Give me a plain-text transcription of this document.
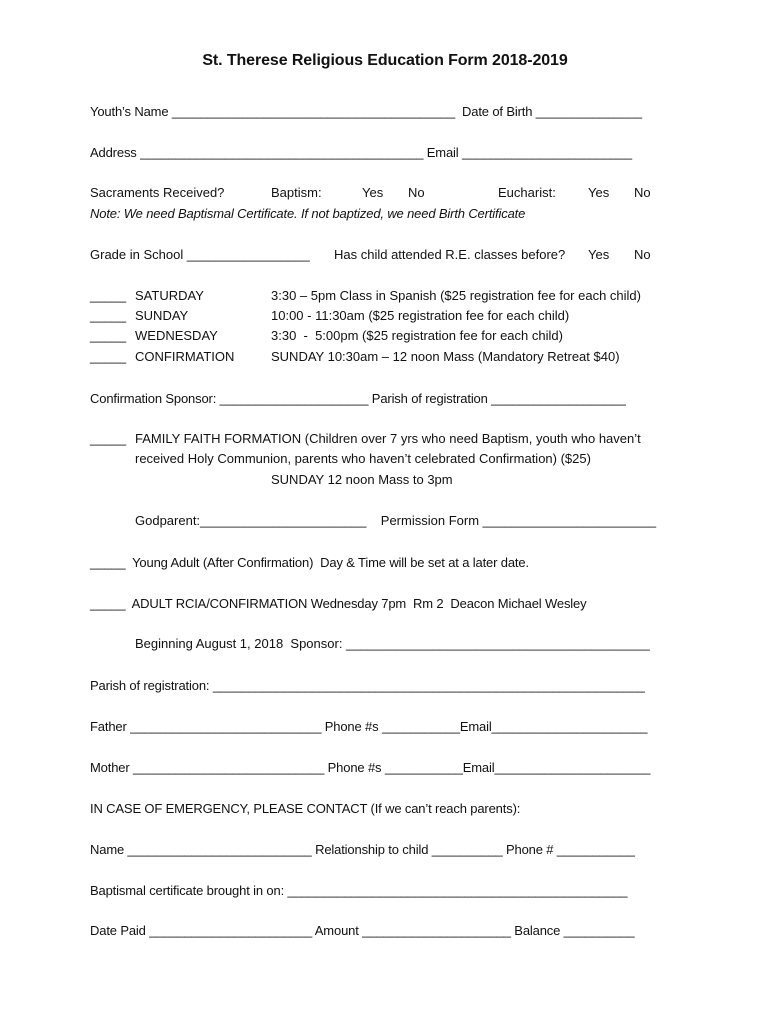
St. Therese Religious Education Form 2018-2019
Youth’s Name ________________________________________  Date of Birth _______________
Address ________________________________________ Email ________________________
Sacraments Received?	Baptism:	Yes No	Eucharist: Yes No
Note: We need Baptismal Certificate. If not baptized, we need Birth Certificate
Grade in School _________________ Has child attended R.E. classes before? Yes No
_____ SATURDAY	3:30 – 5pm Class in Spanish ($25 registration fee for each child)
_____ SUNDAY	10:00 - 11:30am ($25 registration fee for each child)
_____ WEDNESDAY	3:30  -  5:00pm ($25 registration fee for each child)
_____ CONFIRMATION	SUNDAY 10:30am – 12 noon Mass (Mandatory Retreat $40)
Confirmation Sponsor: _____________________ Parish of registration ___________________
_____ FAMILY FAITH FORMATION (Children over 7 yrs who need Baptism, youth who haven’t
received Holy Communion, parents who haven’t celebrated Confirmation) ($25)
SUNDAY 12 noon Mass to 3pm
Godparent:_______________________    Permission Form ________________________
_____  Young Adult (After Confirmation)  Day & Time will be set at a later date.
_____  ADULT RCIA/CONFIRMATION Wednesday 7pm  Rm 2  Deacon Michael Wesley
Beginning August 1, 2018  Sponsor: __________________________________________
Parish of registration: _____________________________________________________________
Father ___________________________ Phone #s ___________Email______________________
Mother ___________________________ Phone #s ___________Email______________________
IN CASE OF EMERGENCY, PLEASE CONTACT (If we can’t reach parents):
Name __________________________ Relationship to child __________ Phone # ___________
Baptismal certificate brought in on: ________________________________________________
Date Paid _______________________ Amount _____________________ Balance __________
